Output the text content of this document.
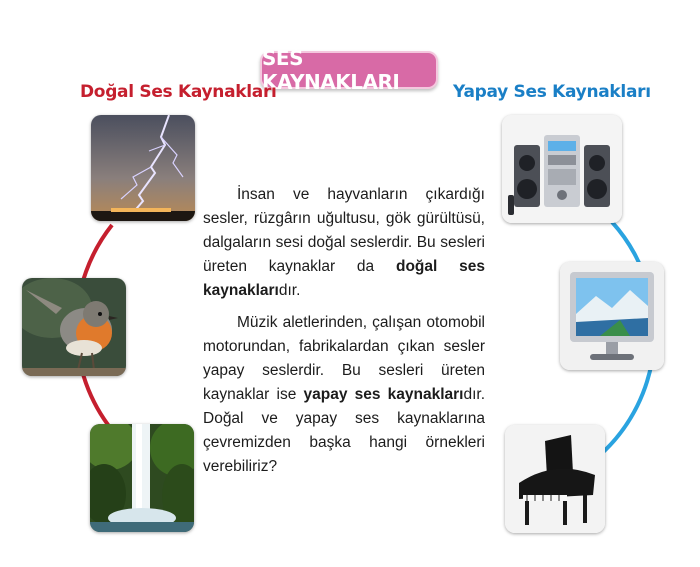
SES KAYNAKLARI
Doğal Ses Kaynakları	Yapay Ses Kaynakları

İnsan ve hayvanların çıkardığı sesler, rüzgârın uğultusu, gök gürültüsü, dalgaların sesi doğal seslerdir. Bu sesleri üreten kaynaklar da doğal ses kaynaklarıdır.

Müzik aletlerinden, çalışan otomobil motorundan, fabrikalardan çıkan sesler yapay seslerdir. Bu sesleri üreten kaynaklar ise yapay ses kaynaklarıdır. Doğal ve yapay ses kaynaklarına çevremizden başka hangi örnekleri verebiliriz?
